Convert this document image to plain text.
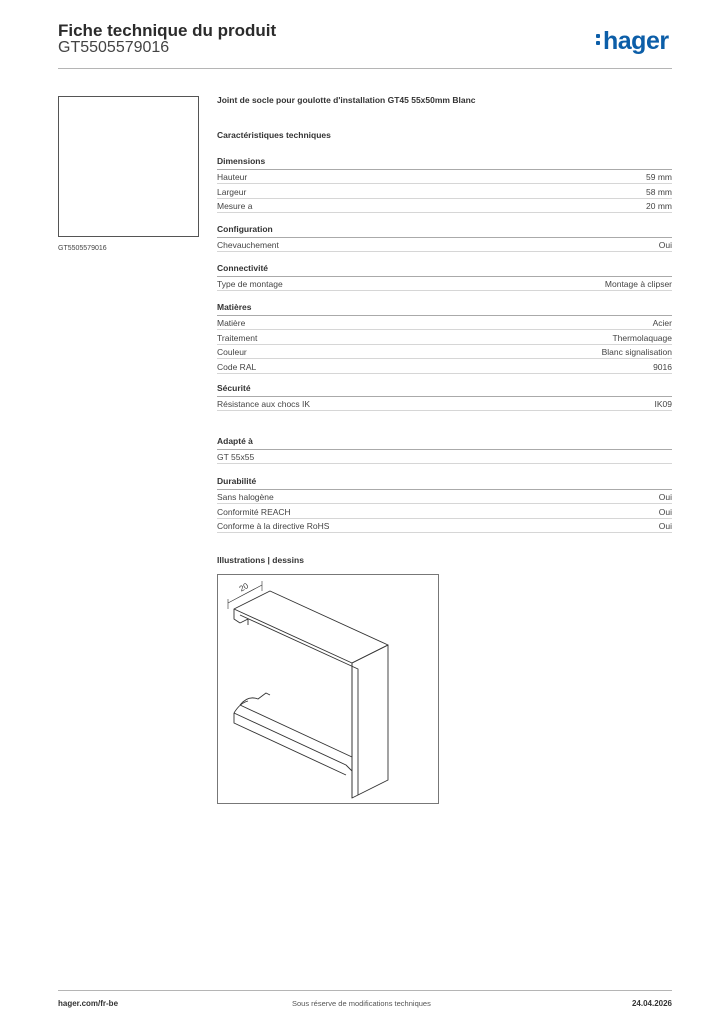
Fiche technique du produit
GT5505579016	hager
GT5505579016
Joint de socle pour goulotte d'installation GT45 55x50mm Blanc
Caractéristiques techniques
Dimensions
Hauteur	59 mm
Largeur	58 mm
Mesure a	20 mm
Configuration
Chevauchement	Oui
Connectivité
Type de montage	Montage à clipser
Matières
Matière	Acier
Traitement	Thermolaquage
Couleur	Blanc signalisation
Code RAL	9016
Sécurité
Résistance aux chocs IK	IK09
Adapté à
GT 55x55
Durabilité
Sans halogène	Oui
Conformité REACH	Oui
Conforme à la directive RoHS	Oui
Illustrations | dessins
20
hager.com/fr-be	Sous réserve de modifications techniques	24.04.2026
